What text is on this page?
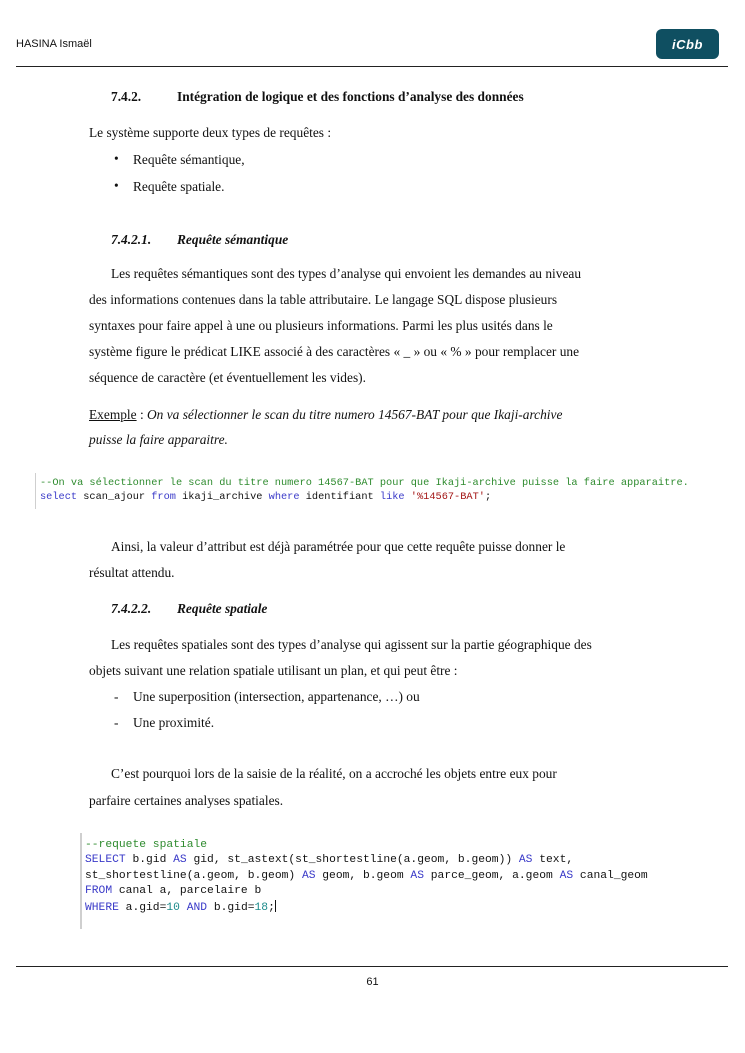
HASINA Ismaël	iCbb
7.4.2.	Intégration de logique et des fonctions d’analyse des données
Le système supporte deux types de requêtes :
• Requête sémantique,
• Requête spatiale.
7.4.2.1. Requête sémantique
Les requêtes sémantiques sont des types d’analyse qui envoient les demandes au niveau
des informations contenues dans la table attributaire. Le langage SQL dispose plusieurs
syntaxes pour faire appel à une ou plusieurs informations. Parmi les plus usités dans le
système figure le prédicat LIKE associé à des caractères « _ » ou « % » pour remplacer une
séquence de caractère (et éventuellement les vides).
Exemple : On va sélectionner le scan du titre numero 14567-BAT pour que Ikaji-archive
puisse la faire apparaitre.
--On va sélectionner le scan du titre numero 14567-BAT pour que Ikaji-archive puisse la faire apparaitre.
select scan_ajour from ikaji_archive where identifiant like '%14567-BAT';
Ainsi, la valeur d’attribut est déjà paramétrée pour que cette requête puisse donner le
résultat attendu.
7.4.2.2. Requête spatiale
Les requêtes spatiales sont des types d’analyse qui agissent sur la partie géographique des
objets suivant une relation spatiale utilisant un plan, et qui peut être :
- Une superposition (intersection, appartenance, …) ou
- Une proximité.
C’est pourquoi lors de la saisie de la réalité, on a accroché les objets entre eux pour
parfaire certaines analyses spatiales.
--requete spatiale
SELECT b.gid AS gid, st_astext(st_shortestline(a.geom, b.geom)) AS text,
st_shortestline(a.geom, b.geom) AS geom, b.geom AS parce_geom, a.geom AS canal_geom
FROM canal a, parcelaire b
WHERE a.gid=10 AND b.gid=18;
61
